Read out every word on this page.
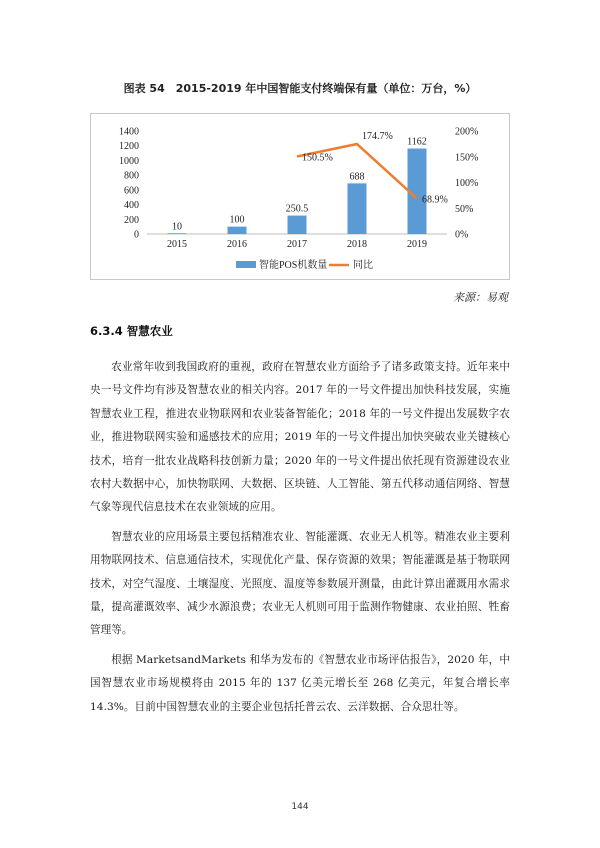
图表 54　2015-2019 年中国智能支付终端保有量（单位：万台，%）
0
200
400
600
800
1000
1200
1400
0%
50%
100%
150%
200%
10
2015
100
2016
250.5
2017
688
2018
1162
2019
150.5%
174.7%
68.9%
智能POS机数量	同比
来源：易观
6.3.4 智慧农业

农业常年收到我国政府的重视，政府在智慧农业方面给予了诸多政策支持。近年来中央一号文件均有涉及智慧农业的相关内容。2017 年的一号文件提出加快科技发展，实施智慧农业工程，推进农业物联网和农业装备智能化；2018 年的一号文件提出发展数字农业，推进物联网实验和遥感技术的应用；2019 年的一号文件提出加快突破农业关键核心技术，培育一批农业战略科技创新力量；2020 年的一号文件提出依托现有资源建设农业农村大数据中心，加快物联网、大数据、区块链、人工智能、第五代移动通信网络、智慧气象等现代信息技术在农业领域的应用。

智慧农业的应用场景主要包括精准农业、智能灌溉、农业无人机等。精准农业主要利用物联网技术、信息通信技术，实现优化产量、保存资源的效果；智能灌溉是基于物联网技术，对空气湿度、土壤湿度、光照度、温度等参数展开测量，由此计算出灌溉用水需求量，提高灌溉效率、减少水源浪费；农业无人机则可用于监测作物健康、农业拍照、牲畜管理等。

根据 MarketsandMarkets 和华为发布的《智慧农业市场评估报告》，2020 年，中国智慧农业市场规模将由 2015 年的 137 亿美元增长至 268 亿美元，年复合增长率 14.3%。目前中国智慧农业的主要企业包括托普云农、云洋数据、合众思壮等。

144
